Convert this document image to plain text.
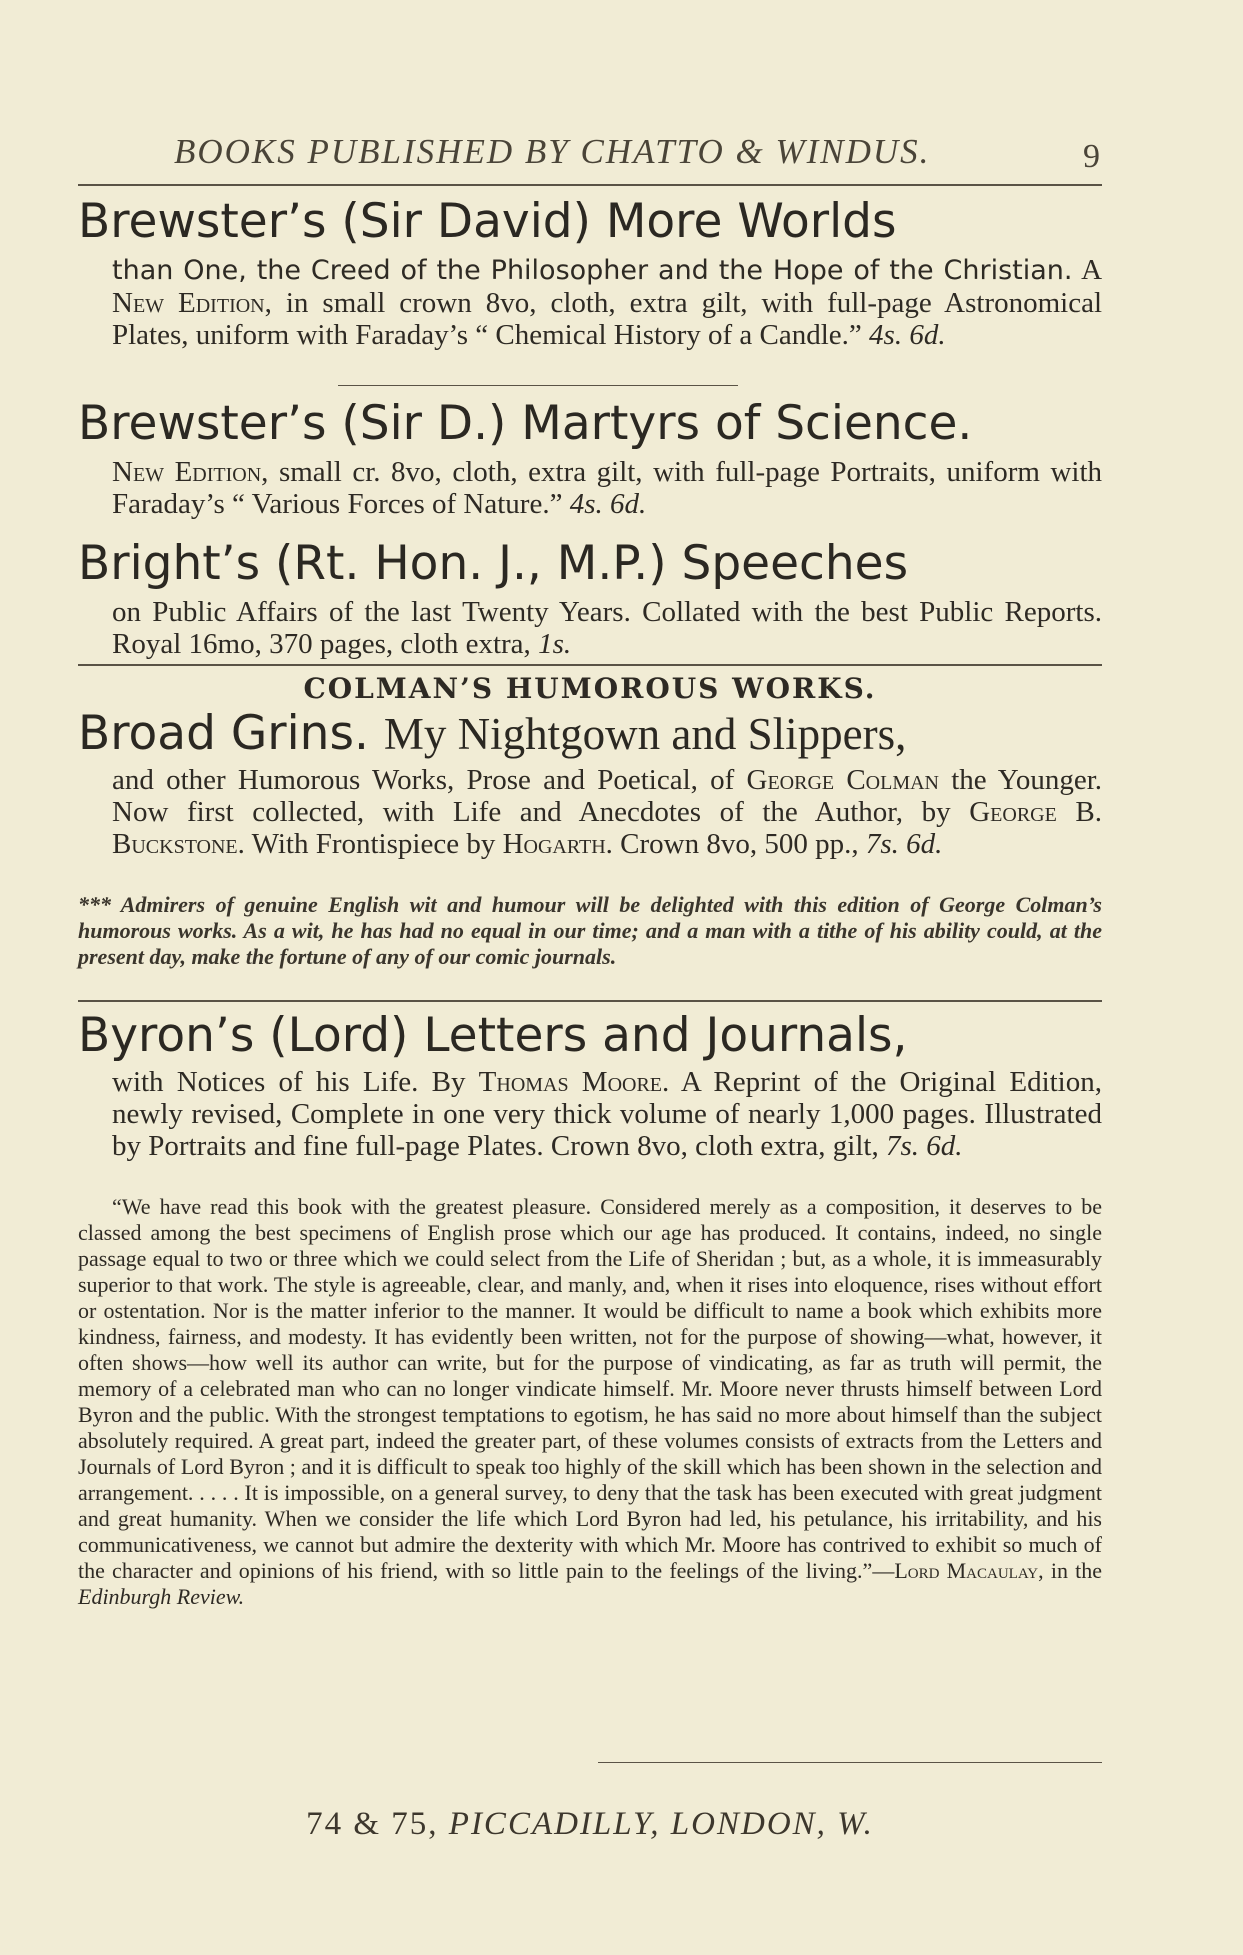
BOOKS PUBLISHED BY CHATTO & WINDUS.	9
Brewster’s (Sir David) More Worlds
than One, the Creed of the Philosopher and the Hope of the Christian. A New Edition, in small crown 8vo, cloth, extra gilt, with full-page Astronomical Plates, uniform with Faraday’s “ Chemical History of a Candle.” 4s. 6d.
Brewster’s (Sir D.) Martyrs of Science.
New Edition, small cr. 8vo, cloth, extra gilt, with full-page Portraits, uniform with Faraday’s “ Various Forces of Nature.” 4s. 6d.
Bright’s (Rt. Hon. J., M.P.) Speeches
on Public Affairs of the last Twenty Years. Collated with the best Public Reports. Royal 16mo, 370 pages, cloth extra, 1s.
COLMAN’S HUMOROUS WORKS.
Broad Grins. My Nightgown and Slippers,
and other Humorous Works, Prose and Poetical, of George Colman the Younger. Now first collected, with Life and Anecdotes of the Author, by George B. Buckstone. With Frontispiece by Hogarth. Crown 8vo, 500 pp., 7s. 6d.
*** Admirers of genuine English wit and humour will be delighted with this edition of George Colman’s humorous works. As a wit, he has had no equal in our time; and a man with a tithe of his ability could, at the present day, make the fortune of any of our comic journals.
Byron’s (Lord) Letters and Journals,
with Notices of his Life. By Thomas Moore. A Reprint of the Original Edition, newly revised, Complete in one very thick volume of nearly 1,000 pages. Illustrated by Portraits and fine full-page Plates. Crown 8vo, cloth extra, gilt, 7s. 6d.

“We have read this book with the greatest pleasure. Considered merely as a composition, it deserves to be classed among the best specimens of English prose which our age has produced. It contains, indeed, no single passage equal to two or three which we could select from the Life of Sheridan ; but, as a whole, it is immeasurably superior to that work. The style is agreeable, clear, and manly, and, when it rises into eloquence, rises without effort or ostentation. Nor is the matter inferior to the manner. It would be difficult to name a book which exhibits more kindness, fairness, and modesty. It has evidently been written, not for the purpose of showing—what, however, it often shows—how well its author can write, but for the purpose of vindicating, as far as truth will permit, the memory of a celebrated man who can no longer vindicate himself. Mr. Moore never thrusts himself between Lord Byron and the public. With the strongest temptations to egotism, he has said no more about himself than the subject absolutely required. A great part, indeed the greater part, of these volumes consists of extracts from the Letters and Journals of Lord Byron ; and it is difficult to speak too highly of the skill which has been shown in the selection and arrangement. . . . . It is impossible, on a general survey, to deny that the task has been executed with great judgment and great humanity. When we consider the life which Lord Byron had led, his petulance, his irritability, and his communicativeness, we cannot but admire the dexterity with which Mr. Moore has contrived to exhibit so much of the character and opinions of his friend, with so little pain to the feelings of the living.”—Lord Macaulay, in the Edinburgh Review.

74 & 75, PICCADILLY, LONDON, W.
